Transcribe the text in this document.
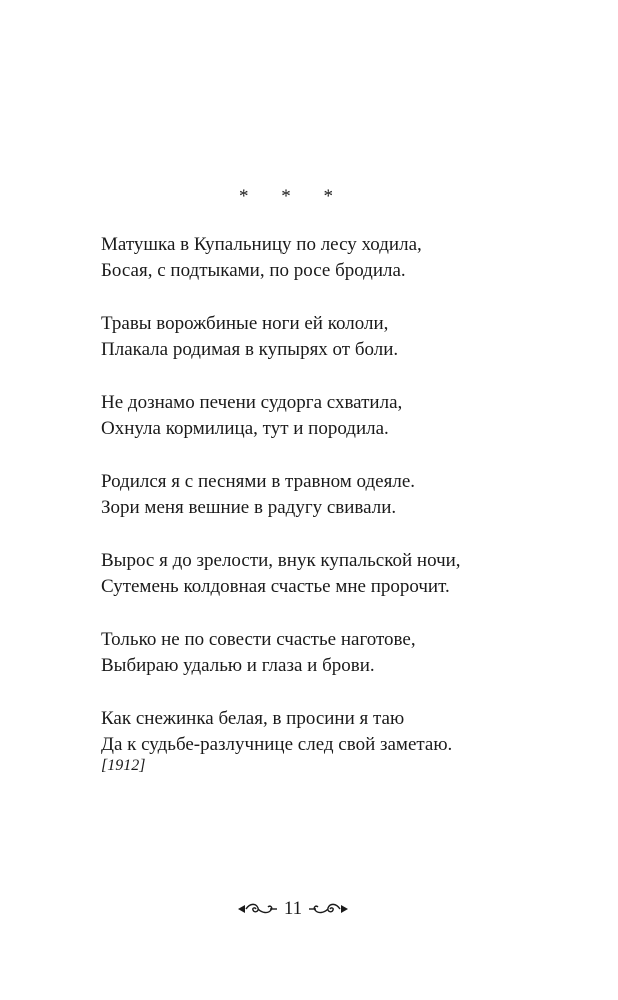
* * *
Матушка в Купальницу по лесу ходила,
Босая, с подтыками, по росе бродила.
Травы ворожбиные ноги ей кололи,
Плакала родимая в купырях от боли.
Не дознамо печени судорга схватила,
Охнула кормилица, тут и породила.
Родился я с песнями в травном одеяле.
Зори меня вешние в радугу свивали.
Вырос я до зрелости, внук купальской ночи,
Сутемень колдовная счастье мне пророчит.
Только не по совести счастье наготове,
Выбираю удалью и глаза и брови.
Как снежинка белая, в просини я таю
Да к судьбе-разлучнице след свой заметаю.
[1912]
11
